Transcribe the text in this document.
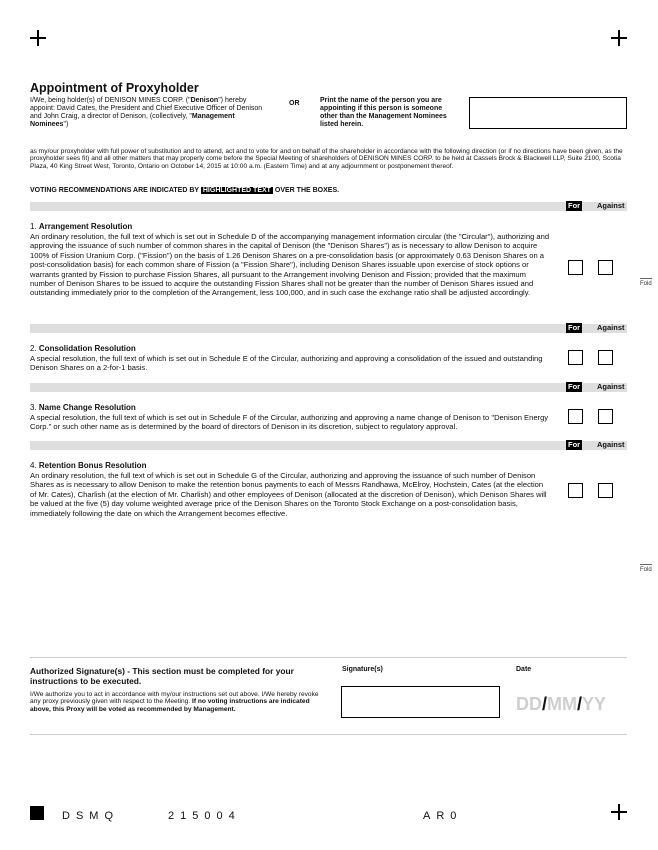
Appointment of Proxyholder
I/We, being holder(s) of DENISON MINES CORP. ("Denison") hereby appoint: David Cates, the President and Chief Executive Officer of Denison and John Craig, a director of Denison, (collectively, "Management Nominees")
OR	Print the name of the person you are appointing if this person is someone other than the Management Nominees listed herein.
as my/our proxyholder with full power of substitution and to attend, act and to vote for and on behalf of the shareholder in accordance with the following direction (or if no directions have been given, as the proxyholder sees fit) and all other matters that may properly come before the Special Meeting of shareholders of DENISON MINES CORP. to be held at Cassels Brock & Blackwell LLP, Suite 2100, Scotia Plaza, 40 King Street West, Toronto, Ontario on October 14, 2015 at 10:00 a.m. (Eastern Time) and at any adjournment or postponement thereof.
VOTING RECOMMENDATIONS ARE INDICATED BY HIGHLIGHTED TEXT OVER THE BOXES.
For Against
1. Arrangement Resolution
An ordinary resolution, the full text of which is set out in Schedule D of the accompanying management information circular (the "Circular"), authorizing and approving the issuance of such number of common shares in the capital of Denison (the "Denison Shares") as is necessary to allow Denison to acquire 100% of Fission Uranium Corp. ("Fission") on the basis of 1.26 Denison Shares on a pre-consolidation basis (or approximately 0.63 Denison Shares on a post-consolidation basis) for each common share of Fission (a "Fission Share"), including Denison Shares issuable upon exercise of stock options or warrants granted by Fission to purchase Fission Shares, all pursuant to the Arrangement involving Denison and Fission; provided that the maximum number of Denison Shares to be issued to acquire the outstanding Fission Shares shall not be greater than the number of Denison Shares issued and outstanding immediately prior to the completion of the Arrangement, less 100,000, and in such case the exchange ratio shall be adjusted accordingly.
For Against
2. Consolidation Resolution
A special resolution, the full text of which is set out in Schedule E of the Circular, authorizing and approving a consolidation of the issued and outstanding Denison Shares on a 2-for-1 basis.
For Against
3. Name Change Resolution
A special resolution, the full text of which is set out in Schedule F of the Circular, authorizing and approving a name change of Denison to "Denison Energy Corp." or such other name as is determined by the board of directors of Denison in its discretion, subject to regulatory approval.
For Against
4. Retention Bonus Resolution
An ordinary resolution, the full text of which is set out in Schedule G of the Circular, authorizing and approving the issuance of such number of Denison Shares as is necessary to allow Denison to make the retention bonus payments to each of Messrs Randhawa, McElroy, Hochstein, Cates (at the election of Mr. Cates), Charlish (at the election of Mr. Charlish) and other employees of Denison (allocated at the discretion of Denison), which Denison Shares will be valued at the five (5) day volume weighted average price of the Denison Shares on the Toronto Stock Exchange on a post-consolidation basis, immediately following the date on which the Arrangement becomes effective.
Fold
Fold
Authorized Signature(s) - This section must be completed for your instructions to be executed.
I/We authorize you to act in accordance with my/our instructions set out above. I/We hereby revoke any proxy previously given with respect to the Meeting. If no voting instructions are indicated above, this Proxy will be voted as recommended by Management.
Signature(s)	Date
DD/MM/YY
DSMQ	215004	AR0
